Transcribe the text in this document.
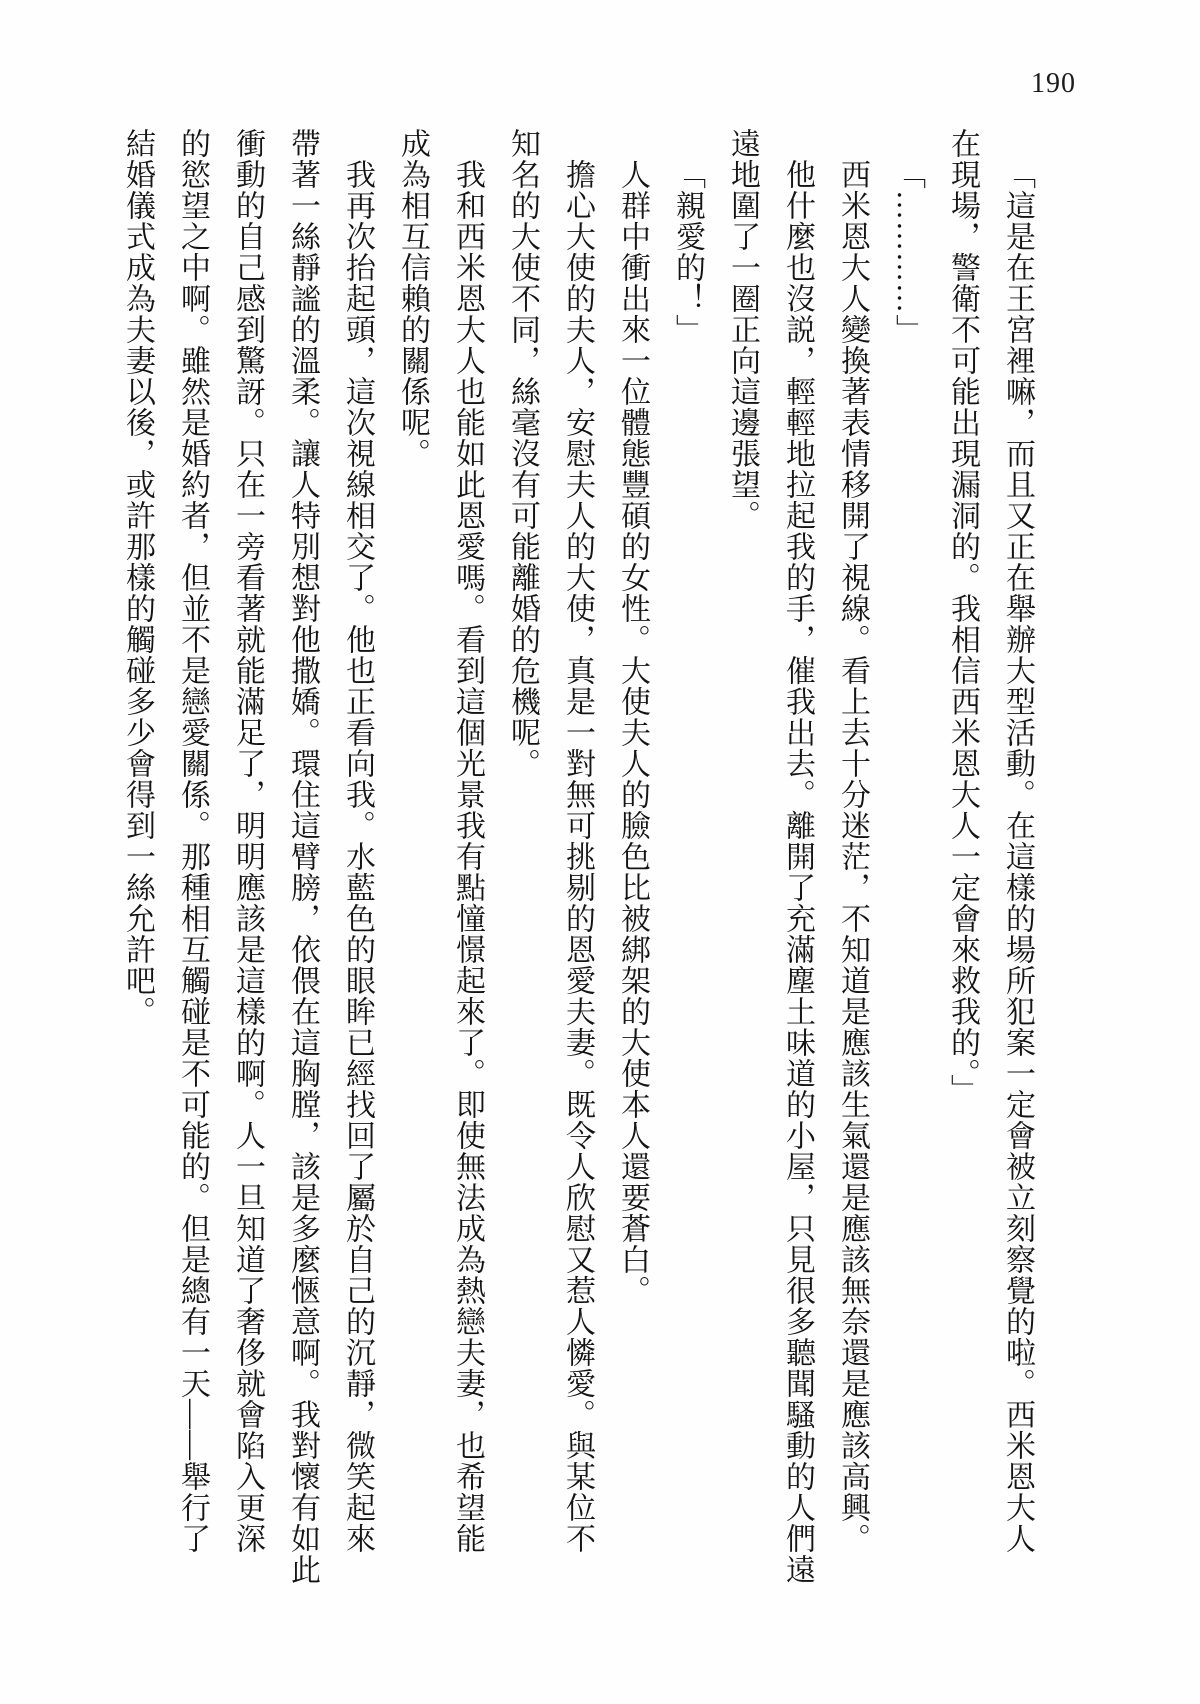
190
「這是在王宮裡嘛，而且又正在舉辦大型活動。在這樣的場所犯案一定會被立刻察覺的啦。西米恩大人
在現場，警衛不可能出現漏洞的。我相信西米恩大人一定會來救我的。」
「…………」
西米恩大人變換著表情移開了視線。看上去十分迷茫，不知道是應該生氣還是應該無奈還是應該高興。
他什麼也沒説，輕輕地拉起我的手，催我出去。離開了充滿塵土味道的小屋，只見很多聽聞騷動的人們遠
遠地圍了一圈正向這邊張望。
「親愛的！」
人群中衝出來一位體態豐碩的女性。大使夫人的臉色比被綁架的大使本人還要蒼白。
擔心大使的夫人，安慰夫人的大使，真是一對無可挑剔的恩愛夫妻。既令人欣慰又惹人憐愛。與某位不
知名的大使不同，絲毫沒有可能離婚的危機呢。
我和西米恩大人也能如此恩愛嗎。看到這個光景我有點憧憬起來了。即使無法成為熱戀夫妻，也希望能
成為相互信賴的關係呢。
我再次抬起頭，這次視線相交了。他也正看向我。水藍色的眼眸已經找回了屬於自己的沉靜，微笑起來
帶著一絲靜謐的溫柔。讓人特別想對他撒嬌。環住這臂膀，依偎在這胸膛，該是多麼愜意啊。我對懷有如此
衝動的自己感到驚訝。只在一旁看著就能滿足了，明明應該是這樣的啊。人一旦知道了奢侈就會陷入更深
的慾望之中啊。雖然是婚約者，但並不是戀愛關係。那種相互觸碰是不可能的。但是總有一天——舉行了
結婚儀式成為夫妻以後，或許那樣的觸碰多少會得到一絲允許吧。
